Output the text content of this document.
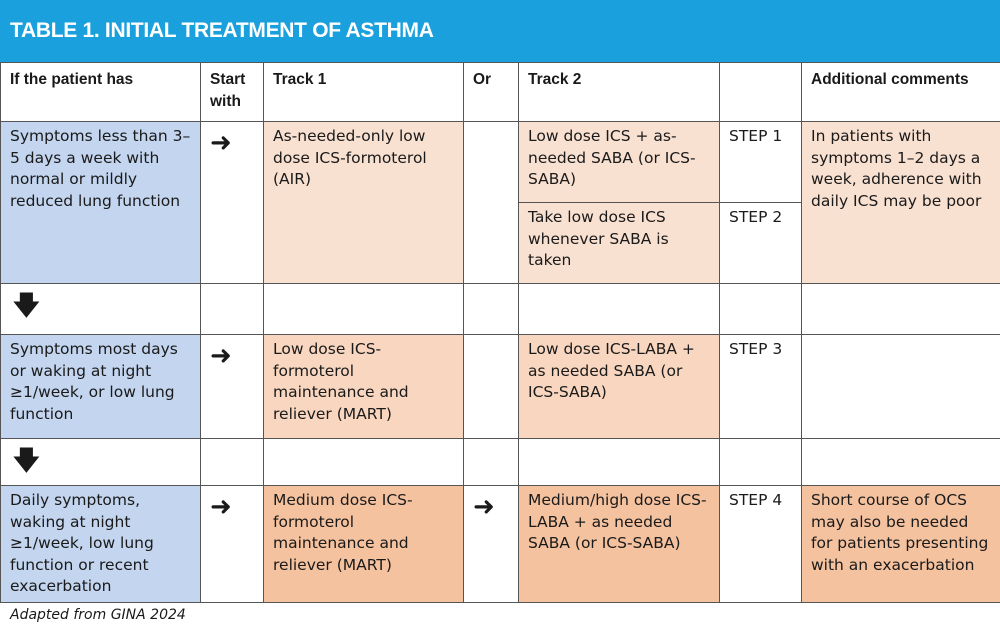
TABLE 1. INITIAL TREATMENT OF ASTHMA
If the patient has	Start with	Track 1	Or	Track 2		Additional comments
Symptoms less than 3–5 days a week with normal or mildly reduced lung function	➜	As-needed-only low dose ICS-formoterol (AIR)		Low dose ICS + as-needed SABA (or ICS-SABA)	STEP 1	In patients with symptoms 1–2 days a week, adherence with daily ICS may be poor
				Take low dose ICS whenever SABA is taken	STEP 2	
🡇						
Symptoms most days or waking at night ≥1/week, or low lung function	➜	Low dose ICS-formoterol maintenance and reliever (MART)		Low dose ICS-LABA + as needed SABA (or ICS-SABA)	STEP 3	
🡇						
Daily symptoms, waking at night ≥1/week, low lung function or recent exacerbation	➜	Medium dose ICS-formoterol maintenance and reliever (MART)	➜	Medium/high dose ICS-LABA + as needed SABA (or ICS-SABA)	STEP 4	Short course of OCS may also be needed for patients presenting with an exacerbation
Adapted from GINA 2024
